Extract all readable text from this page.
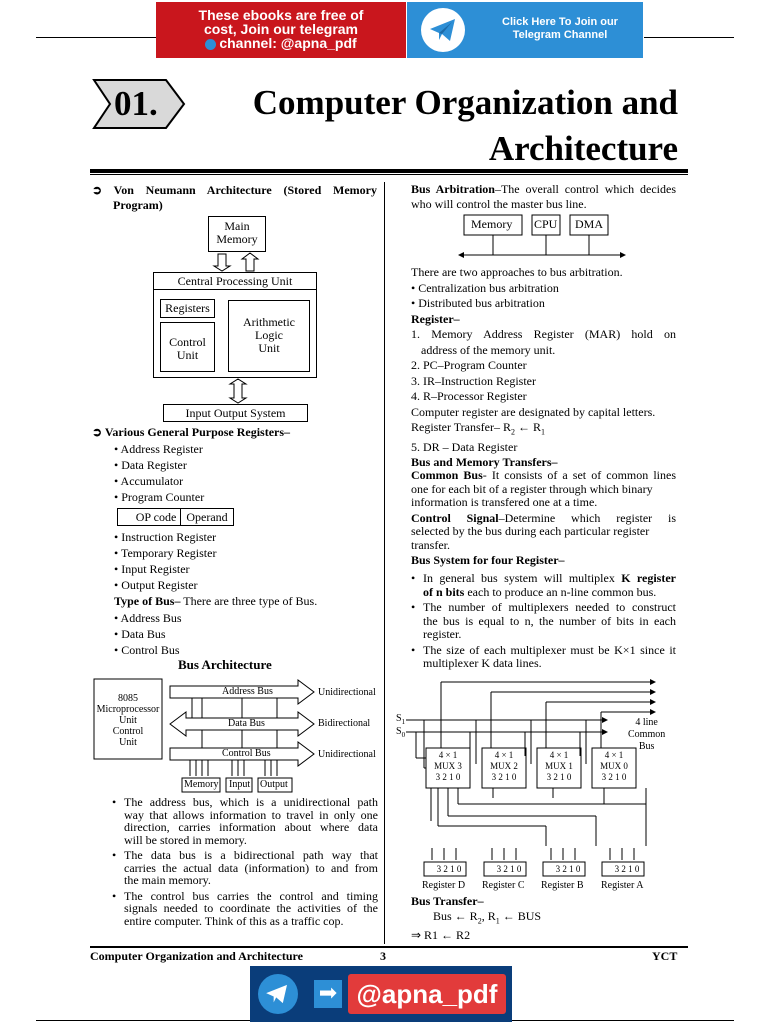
These ebooks are free of
cost, Join our telegram
channel: @apna_pdf
Click Here To Join our
Telegram Channel
01.	Computer Organization and
Architecture
➲ Von Neumann Architecture (Stored Memory
Program)
Main
Memory
Central Processing Unit
Registers
Control
Unit
Arithmetic
Logic
Unit
Input Output System
➲ Various General Purpose Registers–
• Address Register
• Data Register
• Accumulator
• Program Counter
OP code Operand
• Instruction Register
• Temporary Register
• Input Register
• Output Register
Type of Bus– There are three type of Bus.
• Address Bus
• Data Bus
• Control Bus
Bus Architecture
8085
Microprocessor
Unit
Control
Unit
Address Bus
Data Bus
Control Bus
Unidirectional
Bidirectional
Unidirectional
Memory Input Output
• The address bus, which is a unidirectional path
way that allows information to travel in only one
direction, carries information about where data
will be stored in memory.
• The data bus is a bidirectional path way that
carries the actual data (information) to and from
the main memory.
• The control bus carries the control and timing
signals needed to coordinate the activities of the
entire computer. Think of this as a traffic cop.
Bus Arbitration–The overall control which decides
who will control the master bus line.
Memory CPU DMA
There are two approaches to bus arbitration.
• Centralization bus arbitration
• Distributed bus arbitration
Register–
1. Memory Address Register (MAR) hold on
address of the memory unit.
2. PC–Program Counter
3. IR–Instruction Register
4. R–Processor Register
Computer register are designated by capital letters.
Register Transfer– $R_2$ ← $R_1$
5. DR – Data Register
Bus and Memory Transfers–
Common Bus- It consists of a set of common lines
one for each bit of a register through which binary
information is transfered one at a time.
Control Signal–Determine which register is
selected by the bus during each particular register
transfer.
Bus System for four Register–
• In general bus system will multiplex K register
of n bits each to produce an n-line common bus.
• The number of multiplexers needed to construct
the bus is equal to n, the number of bits in each
register.
• The size of each multiplexer must be K×1 since it
multiplexer K data lines.
$S_1$
$S_0$
4 line
Common
Bus
4 × 1
MUX 3
3 2 1 0
4 × 1
MUX 2
3 2 1 0
4 × 1
MUX 1
3 2 1 0
4 × 1
MUX 0
3 2 1 0
3 2 1 0	3 2 1 0	3 2 1 0	3 2 1 0
Register D Register C Register B Register A
Bus Transfer–
Bus ← $R_2$, $R_1$ ← BUS
⇒ R1 ← R2
Computer Organization and Architecture	3	YCT
➡ @apna_pdf
